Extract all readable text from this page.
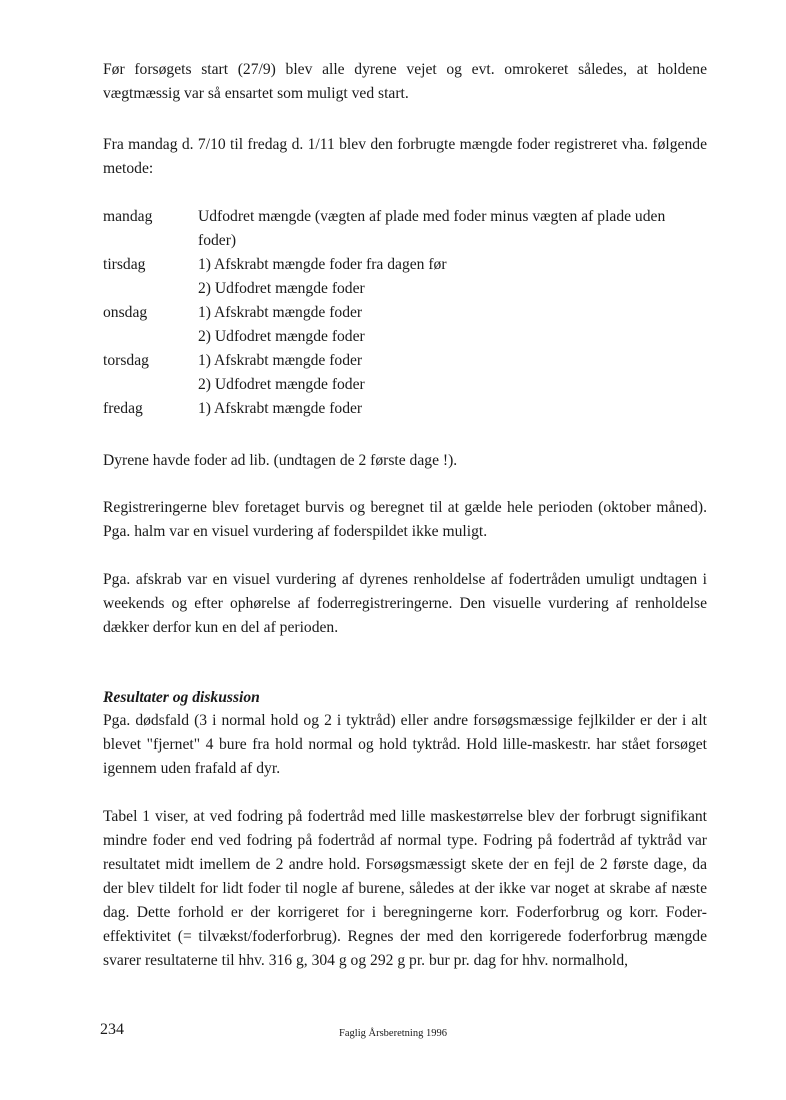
Før forsøgets start (27/9) blev alle dyrene vejet og evt. omrokeret således, at holdene vægtmæssig var så ensartet som muligt ved start.

Fra mandag d. 7/10 til fredag d. 1/11 blev den forbrugte mængde foder registreret vha. følgende metode:

mandag	Udfodret mængde (vægten af plade med foder minus vægten af plade uden
foder)
tirsdag	1) Afskrabt mængde foder fra dagen før
2) Udfodret mængde foder
onsdag	1) Afskrabt mængde foder
2) Udfodret mængde foder
torsdag	1) Afskrabt mængde foder
2) Udfodret mængde foder
fredag	1) Afskrabt mængde foder

Dyrene havde foder ad lib. (undtagen de 2 første dage !).

Registreringerne blev foretaget burvis og beregnet til at gælde hele perioden (oktober måned). Pga. halm var en visuel vurdering af foderspildet ikke muligt.

Pga. afskrab var en visuel vurdering af dyrenes renholdelse af fodertråden umuligt undtagen i weekends og efter ophørelse af foderregistreringerne. Den visuelle vurdering af renholdelse dækker derfor kun en del af perioden.

Resultater og diskussion

Pga. dødsfald (3 i normal hold og 2 i tyktråd) eller andre forsøgsmæssige fejlkilder er der i alt blevet "fjernet" 4 bure fra hold normal og hold tyktråd. Hold lille-maskestr. har stået forsøget igennem uden frafald af dyr.

Tabel 1 viser, at ved fodring på fodertråd med lille maskestørrelse blev der forbrugt signifikant mindre foder end ved fodring på fodertråd af normal type. Fodring på fodertråd af tyktråd var resultatet midt imellem de 2 andre hold. Forsøgsmæssigt skete der en fejl de 2 første dage, da der blev tildelt for lidt foder til nogle af burene, således at der ikke var noget at skrabe af næste dag. Dette forhold er der korrigeret for i beregningerne korr. Foderforbrug og korr. Foder-effektivitet (= tilvækst/foderforbrug). Regnes der med den korrigerede foderforbrug mængde svarer resultaterne til hhv. 316 g, 304 g og 292 g pr. bur pr. dag for hhv. normalhold,

234	Faglig Årsberetning 1996
